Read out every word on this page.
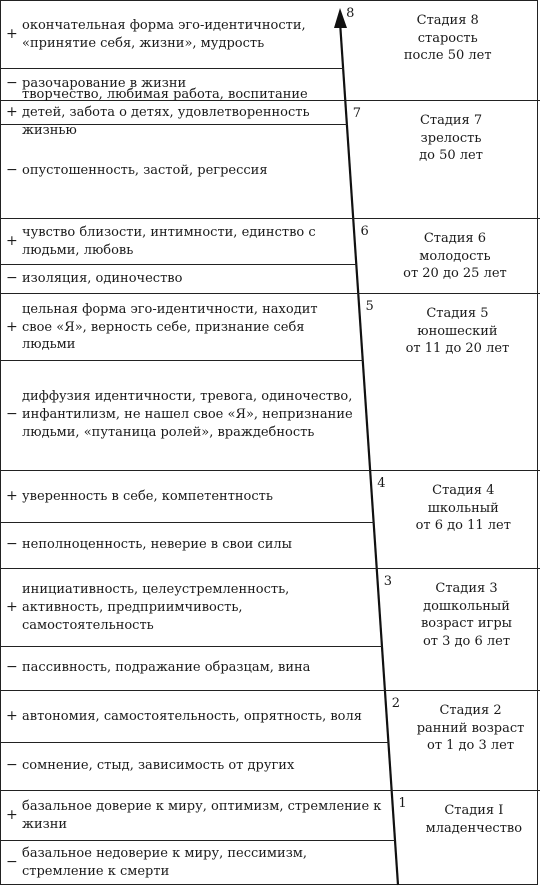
+
окончательная форма эго-идентичности, «принятие себя, жизни», мудрость
− разочарование в жизни
8	Стадия 8
старость
после 50 лет
+
творчество, любимая работа, воспитание детей, забота о детях, удовлетворенность жизнью
− опустошенность, застой, регрессия
7	Стадия 7
зрелость
до 50 лет
+
чувство близости, интимности, единство с людьми, любовь
− изоляция, одиночество
6	Стадия 6
молодость
от 20 до 25 лет
+
цельная форма эго-идентичности, находит свое «Я», верность себе, признание себя людьми
−
диффузия идентичности, тревога, одиночество, инфантилизм, не нашел свое «Я», непризнание людьми, «путаница ролей», враждебность
5	Стадия 5
юношеский
от 11 до 20 лет
+ уверенность в себе, компетентность
− неполноценность, неверие в свои силы
4	Стадия 4
школьный
от 6 до 11 лет
+
инициативность, целеустремленность, активность, предприимчивость, самостоятельность
− пассивность, подражание образцам, вина
3	Стадия 3
дошкольный
возраст игры
от 3 до 6 лет
+ автономия, самостоятельность, опрятность, воля
− сомнение, стыд, зависимость от других
2	Стадия 2
ранний возраст
от 1 до 3 лет
+
базальное доверие к миру, оптимизм, стремление к жизни
−
базальное недоверие к миру, пессимизм, стремление к смерти
1	Стадия I
младенчество
